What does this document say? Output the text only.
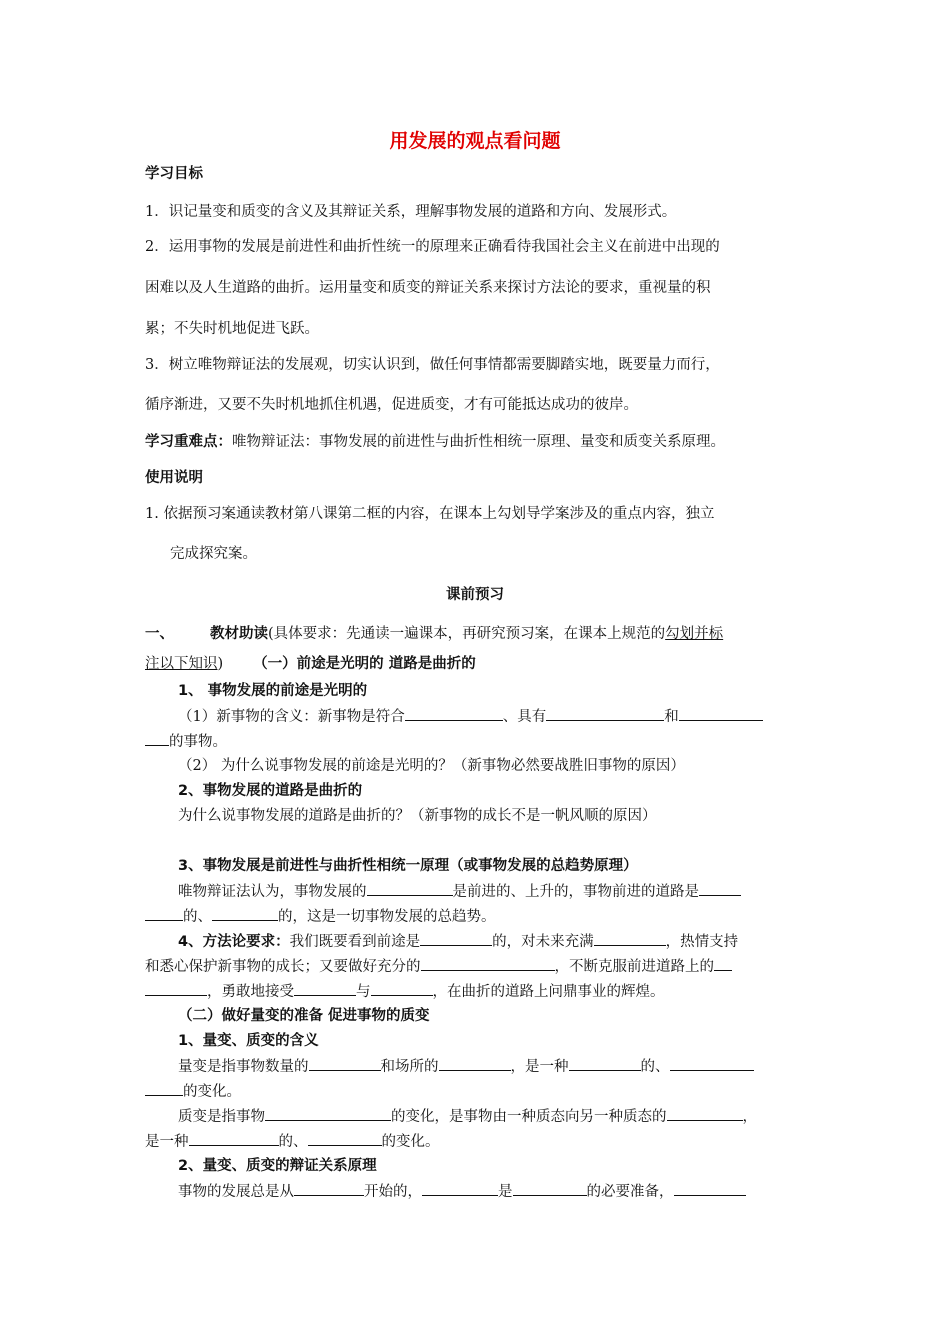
用发展的观点看问题
学习目标
1．识记量变和质变的含义及其辩证关系，理解事物发展的道路和方向、发展形式。
2．运用事物的发展是前进性和曲折性统一的原理来正确看待我国社会主义在前进中出现的
困难以及人生道路的曲折。运用量变和质变的辩证关系来探讨方法论的要求，重视量的积
累；不失时机地促进飞跃。
3．树立唯物辩证法的发展观，切实认识到，做任何事情都需要脚踏实地，既要量力而行，
循序渐进，又要不失时机地抓住机遇，促进质变，才有可能抵达成功的彼岸。
学习重难点：唯物辩证法：事物发展的前进性与曲折性相统一原理、量变和质变关系原理。
使用说明
1. 依据预习案通读教材第八课第二框的内容，在课本上勾划导学案涉及的重点内容，独立
完成探究案。
课前预习
一、 教材助读(具体要求：先通读一遍课本，再研究预习案，在课本上规范的勾划并标
注以下知识) （一）前途是光明的 道路是曲折的
1、 事物发展的前途是光明的
（1）新事物的含义：新事物是符合	、具有	和
的事物。
（2） 为什么说事物发展的前途是光明的？（新事物必然要战胜旧事物的原因）
2、事物发展的道路是曲折的
为什么说事物发展的道路是曲折的？（新事物的成长不是一帆风顺的原因）
3、事物发展是前进性与曲折性相统一原理（或事物发展的总趋势原理）
唯物辩证法认为，事物发展的	是前进的、上升的，事物前进的道路是
的、	的，这是一切事物发展的总趋势。
4、方法论要求：我们既要看到前途是	的，对未来充满	，热情支持
和悉心保护新事物的成长；又要做好充分的	，不断克服前进道路上的
，勇敢地接受	与	，在曲折的道路上问鼎事业的辉煌。
（二）做好量变的准备 促进事物的质变
1、量变、质变的含义
量变是指事物数量的	和场所的	，是一种	的、
的变化。
质变是指事物	的变化，是事物由一种质态向另一种质态的	，
是一种	的、	的变化。
2、量变、质变的辩证关系原理
事物的发展总是从	开始的，	是	的必要准备，
